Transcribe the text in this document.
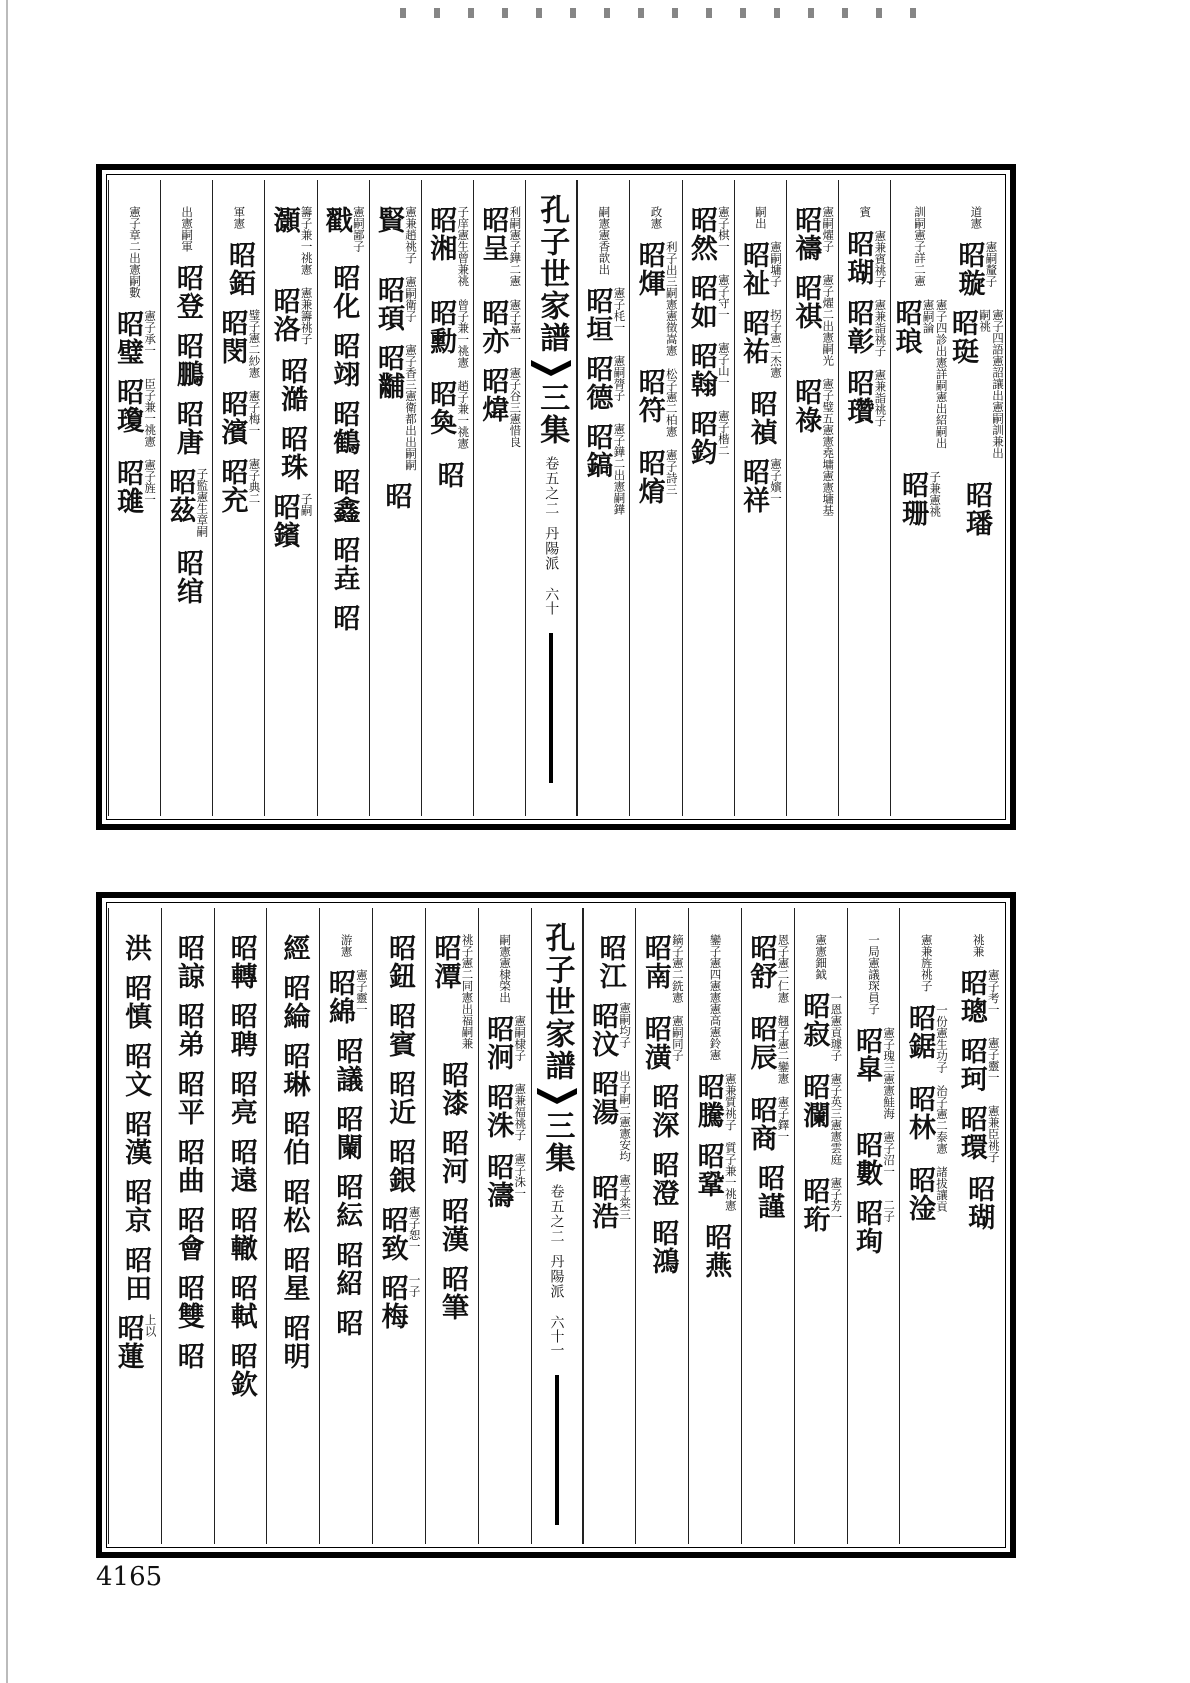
道憲
昭璇 憲嗣釐子
昭珽	憲子四語憲詔讓出憲嗣訓兼出嗣祧
昭璠
訓嗣憲子詳二憲
昭琅	憲子四診出憲詳嗣憲出紹嗣出憲嗣論
昭珊 子兼憲祧
賓
昭瑚 憲兼賓祧子
昭彰 憲兼詣祧子
昭瓚 憲兼詣祧子
昭禱 憲嗣燿子
昭祺 憲子燿二出憲嗣光
昭祿 憲子璧五憲憲堯墉憲憲墉基
嗣出
昭祉 憲嗣墉子
昭祐 拐子憲二杰憲
昭禎
昭祥 憲子嬪一
昭然 憲子棋一
昭如 憲子守一
昭翰 憲子山一
昭鈞 憲子楷二
政憲
昭煇 利子出三嗣憲憲徵嵩憲
昭符 松子憲二柏憲
昭焴 憲子詩三
嗣憲憲香歆出
昭垣 憲子枆一
昭德 憲嗣膂子
昭鎬 憲子鏵二出憲嗣鏵
孔子世家譜
三集
卷五之二
丹陽派
六十
昭呈 利嗣憲子鏵二憲
昭亦 憲子嘉一
昭煒 憲子谷三憲惜良
昭湘 子庠憲生曾兼祧
昭勳 曾子兼一祧憲
昭奐 趙子兼一祧憲
昭
賢 憲兼趙祧子
昭頊 憲嗣衛子
昭黼 憲子香三憲衛都出出嗣嗣
昭
戳 憲嗣鄙子
昭化
昭翊
昭鶴
昭鑫
昭垚
昭
灝 籌子兼一祧憲
昭洛 憲兼籌祧子
昭澔
昭珠
昭鑌 子嗣
軍憲
昭銆
昭閔 璧子憲二紗憲
昭濱 憲子梅一
昭充 憲子典二
出憲嗣軍
昭登
昭鵬
昭唐
昭茲 子監憲生章嗣
昭绾
憲子章二出憲嗣數
昭璧 憲子承一
昭瓊 臣子兼一祧憲
昭璡 憲子旌一
祧兼
昭璁 憲子考一
昭珂 憲子靈一
昭環 憲兼臣祧子
昭瑚
憲兼旌祧子
昭鋸 一份憲生功子
昭林 治子憲二泰憲
昭淦 諸拔讓貢
一局憲議琛員子
昭皐 憲子瑰三憲憲鮭海
昭數 憲子沼一
昭珣 二子
憲憲鈿鉞
昭寂 一恩憲貢璩子
昭瀾 憲子英三憲憲雲庭
昭珩 憲子芳一
昭舒 恩子憲二仁憲
昭辰 翹子憲二鑾憲
昭商 憲子鐸一
昭謹
鑾子憲四憲憲憲高憲鈴憲
昭騰 憲兼質祧子
昭鞏 質子兼一祧憲
昭燕
昭南 鏑子憲二銑憲
昭潢 憲嗣同子
昭深
昭澄
昭鴻
昭江
昭汶 憲嗣均子
昭湯 出子嗣二憲憲安均
昭浩 憲子棠三
孔子世家譜
三集
卷五之二
丹陽派
六十一
嗣憲憲棣棨出
昭泂 憲嗣棣子
昭洙 憲兼福祧子
昭濤 憲子洙一
昭潭 祧子憲二同憲出福嗣兼
昭漆
昭河
昭漢
昭筆
昭鈕
昭賓
昭近
昭銀
昭致 憲子恕一
昭梅 一子
游憲
昭綿 憲子靈一
昭議
昭闌
昭紜
昭紹
昭
經
昭綸
昭琳
昭伯
昭松
昭星
昭明
昭轉
昭聘
昭亮
昭遠
昭轍
昭軾
昭欽
昭諒
昭弟
昭平
昭曲
昭會
昭雙
昭
洪
昭慎
昭文
昭漢
昭京
昭田
昭蓮 上以
4165
